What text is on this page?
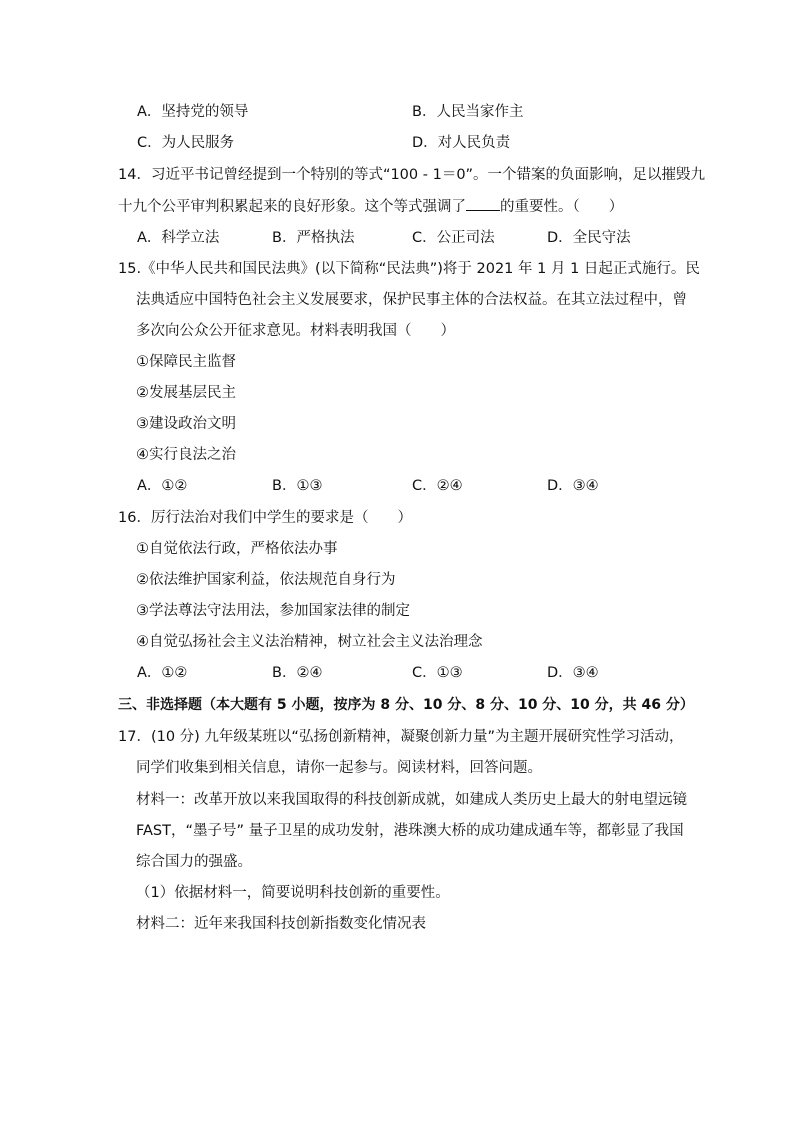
A．坚持党的领导	B．人民当家作主
C．为人民服务	D．对人民负责
14．习近平书记曾经提到一个特别的等式“100 - 1＝0”。一个错案的负面影响，足以摧毁九
十九个公平审判积累起来的良好形象。这个等式强调了 的重要性。（　　）
A．科学立法	B．严格执法	C．公正司法	D．全民守法
15.《中华人民共和国民法典》(以下简称“民法典”)将于 2021 年 1 月 1 日起正式施行。民
法典适应中国特色社会主义发展要求，保护民事主体的合法权益。在其立法过程中，曾
多次向公众公开征求意见。材料表明我国（　　）
①保障民主监督
②发展基层民主
③建设政治文明
④实行良法之治
A．①②	B．①③	C．②④	D．③④
16．厉行法治对我们中学生的要求是（　　）
①自觉依法行政，严格依法办事
②依法维护国家利益，依法规范自身行为
③学法尊法守法用法，参加国家法律的制定
④自觉弘扬社会主义法治精神，树立社会主义法治理念
A．①②	B．②④	C．①③	D．③④
三、非选择题（本大题有 5 小题，按序为 8 分、10 分、8 分、10 分、10 分，共 46 分）
17．(10 分) 九年级某班以“弘扬创新精神，凝聚创新力量”为主题开展研究性学习活动，
同学们收集到相关信息，请你一起参与。阅读材料，回答问题。
材料一：改革开放以来我国取得的科技创新成就，如建成人类历史上最大的射电望远镜
FAST，“墨子号” 量子卫星的成功发射，港珠澳大桥的成功建成通车等，都彰显了我国
综合国力的强盛。
（1）依据材料一，简要说明科技创新的重要性。
材料二：近年来我国科技创新指数变化情况表
